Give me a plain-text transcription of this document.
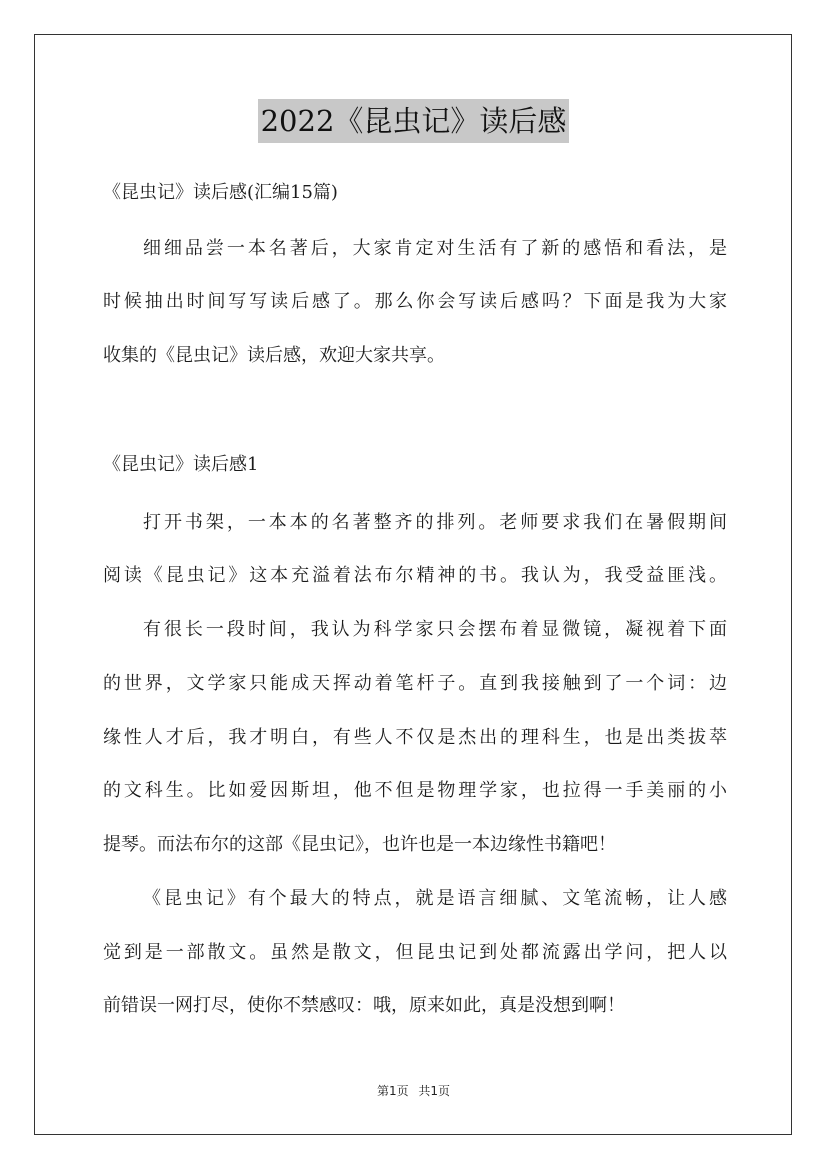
2022《昆虫记》读后感
《昆虫记》读后感(汇编15篇)
细细品尝一本名著后，大家肯定对生活有了新的感悟和看法，是
时候抽出时间写写读后感了。那么你会写读后感吗？下面是我为大家
收集的《昆虫记》读后感，欢迎大家共享。
《昆虫记》读后感1
打开书架，一本本的名著整齐的排列。老师要求我们在暑假期间
阅读《昆虫记》这本充溢着法布尔精神的书。我认为，我受益匪浅。
有很长一段时间，我认为科学家只会摆布着显微镜，凝视着下面
的世界，文学家只能成天挥动着笔杆子。直到我接触到了一个词：边
缘性人才后，我才明白，有些人不仅是杰出的理科生，也是出类拔萃
的文科生。比如爱因斯坦，他不但是物理学家，也拉得一手美丽的小
提琴。而法布尔的这部《昆虫记》，也许也是一本边缘性书籍吧！
《昆虫记》有个最大的特点，就是语言细腻、文笔流畅，让人感
觉到是一部散文。虽然是散文，但昆虫记到处都流露出学问，把人以
前错误一网打尽，使你不禁感叹：哦，原来如此，真是没想到啊！
第1页 共1页
